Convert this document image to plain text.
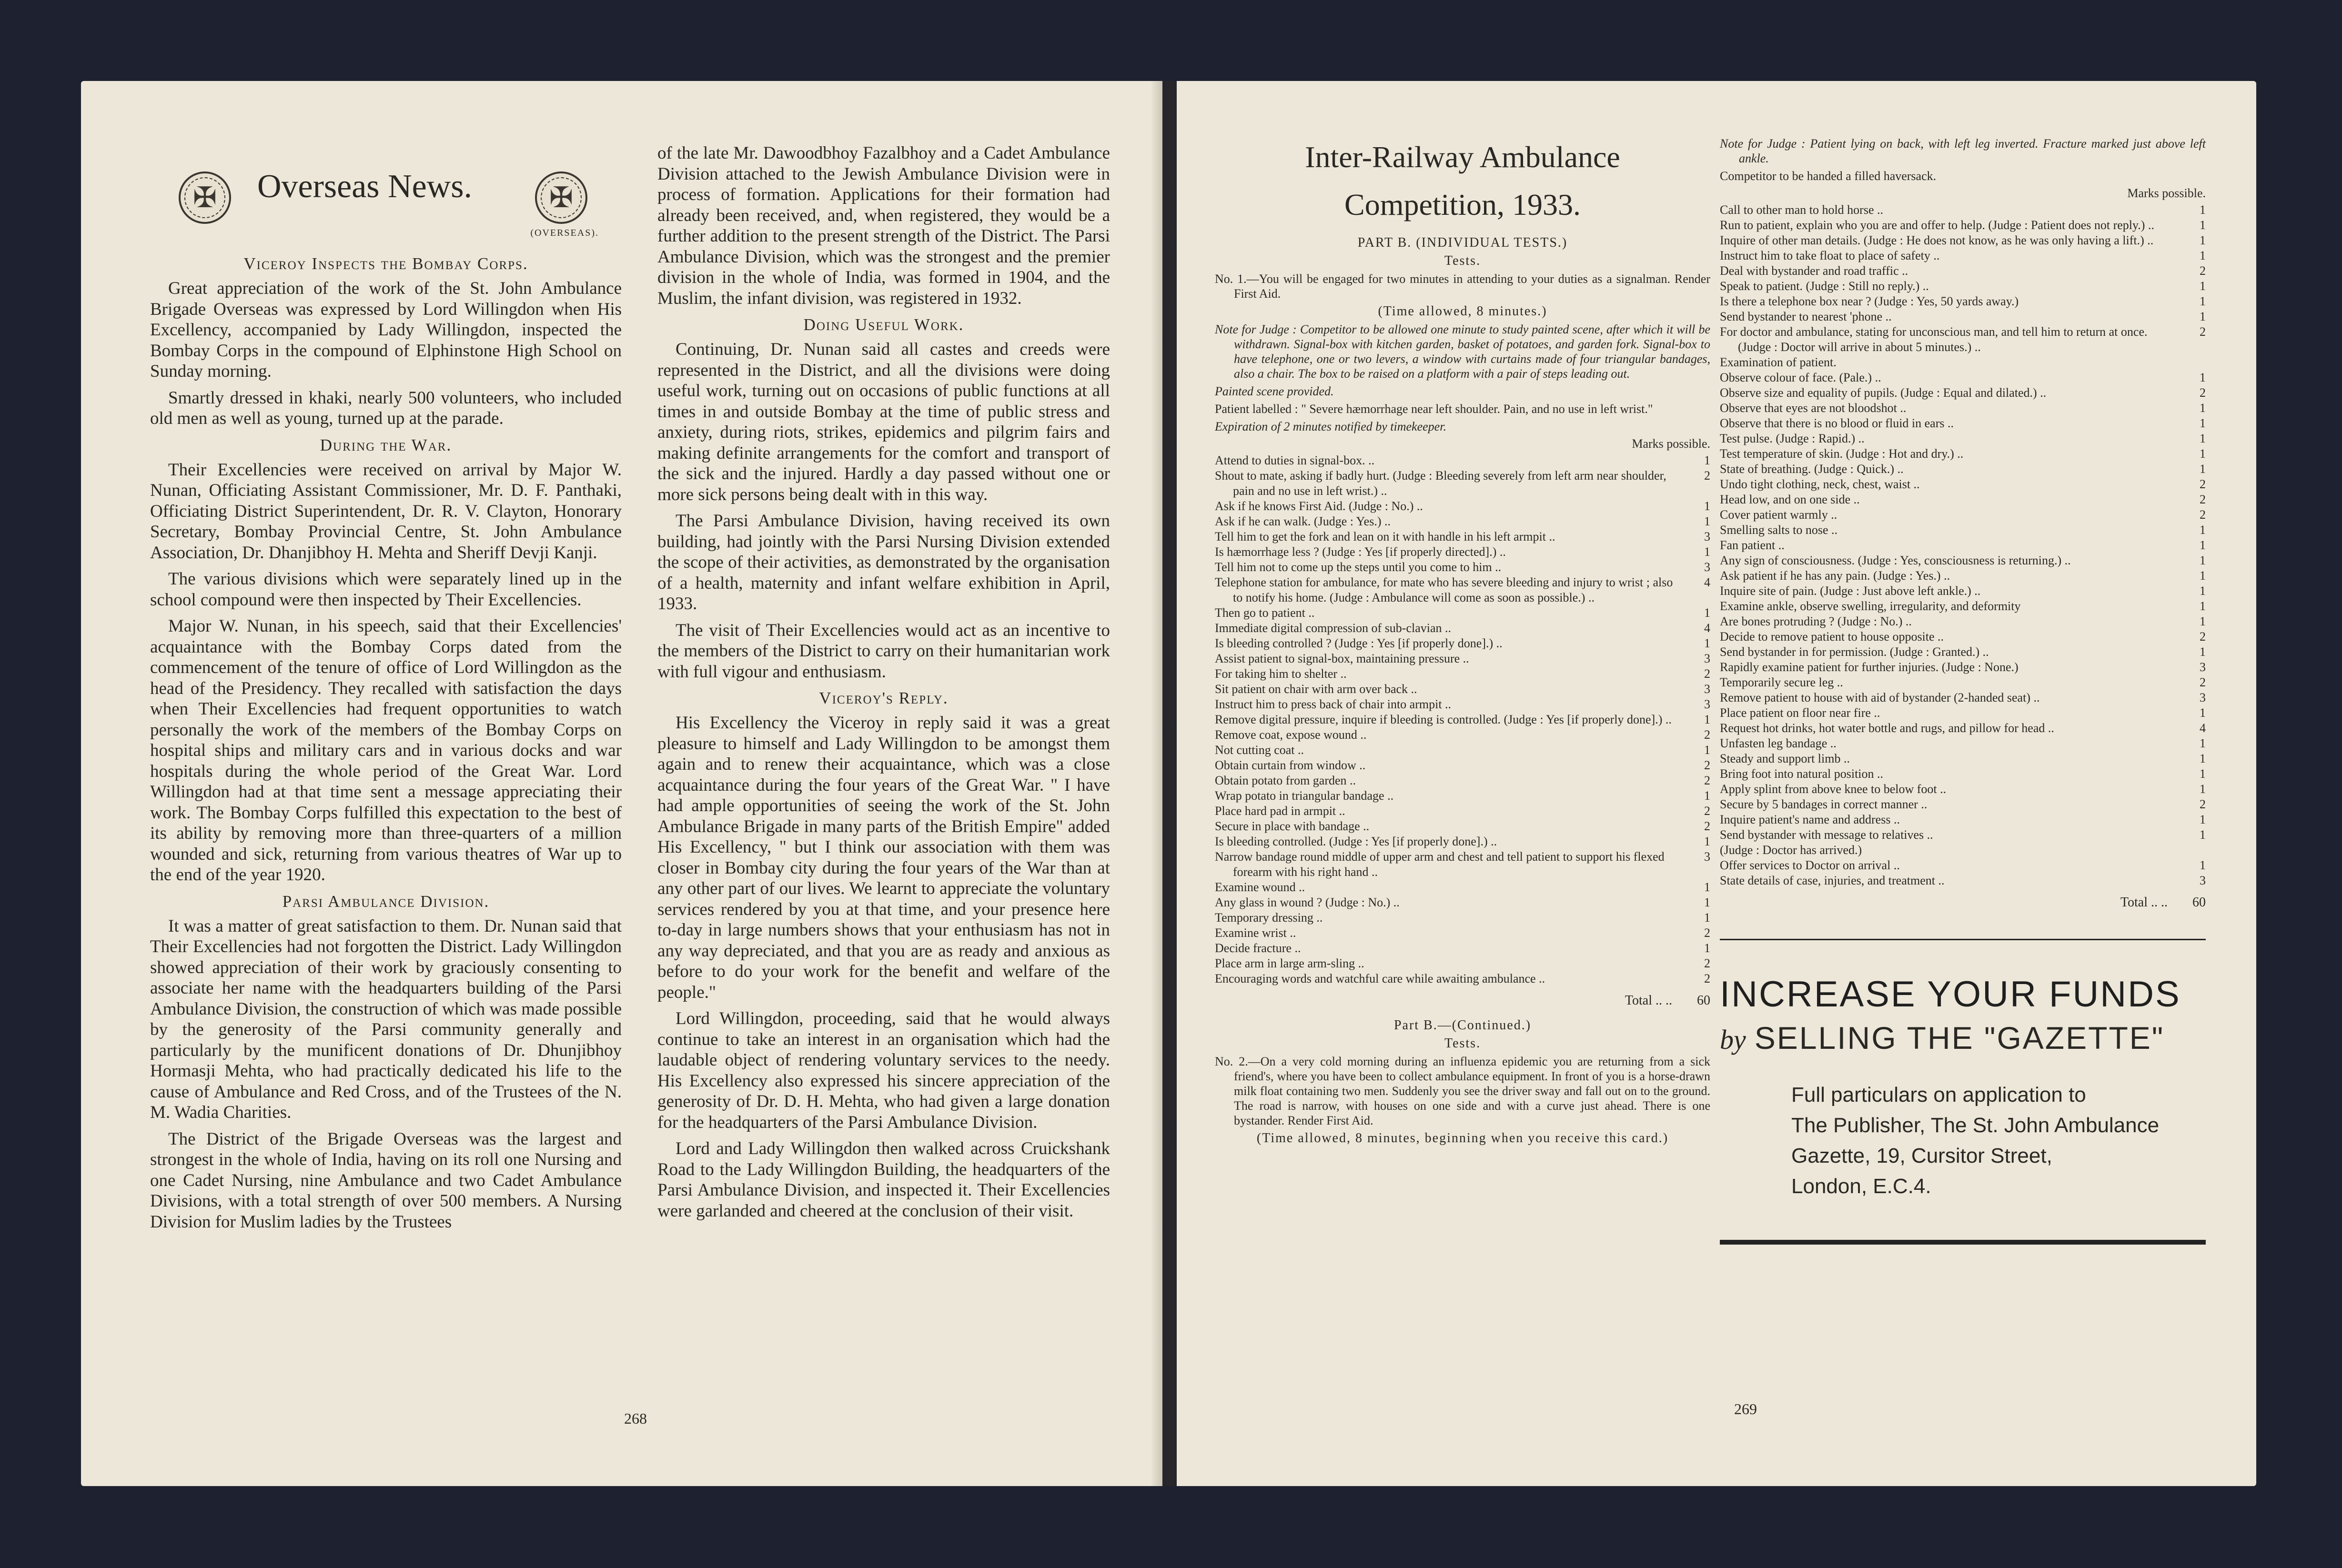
✠	Overseas News.	✠
(OVERSEAS).
Viceroy Inspects the Bombay Corps.

Great appreciation of the work of the St. John Ambulance Brigade Overseas was expressed by Lord Willingdon when His Excellency, accompanied by Lady Willingdon, inspected the Bombay Corps in the compound of Elphinstone High School on Sunday morning.

Smartly dressed in khaki, nearly 500 volunteers, who included old men as well as young, turned up at the parade.

During the War.

Their Excellencies were received on arrival by Major W. Nunan, Officiating Assistant Commissioner, Mr. D. F. Panthaki, Officiating District Superintendent, Dr. R. V. Clayton, Honorary Secretary, Bombay Provincial Centre, St. John Ambulance Association, Dr. Dhanjibhoy H. Mehta and Sheriff Devji Kanji.

The various divisions which were separately lined up in the school compound were then inspected by Their Excellencies.

Major W. Nunan, in his speech, said that their Excellencies' acquaintance with the Bombay Corps dated from the commencement of the tenure of office of Lord Willingdon as the head of the Presidency. They recalled with satisfaction the days when Their Excellencies had frequent opportunities to watch personally the work of the members of the Bombay Corps on hospital ships and military cars and in various docks and war hospitals during the whole period of the Great War. Lord Willingdon had at that time sent a message appreciating their work. The Bombay Corps fulfilled this expectation to the best of its ability by removing more than three-quarters of a million wounded and sick, returning from various theatres of War up to the end of the year 1920.

Parsi Ambulance Division.

It was a matter of great satisfaction to them. Dr. Nunan said that Their Excellencies had not forgotten the District. Lady Willingdon showed appreciation of their work by graciously consenting to associate her name with the headquarters building of the Parsi Ambulance Division, the construction of which was made possible by the generosity of the Parsi community generally and particularly by the munificent donations of Dr. Dhunjibhoy Hormasji Mehta, who had practically dedicated his life to the cause of Ambulance and Red Cross, and of the Trustees of the N. M. Wadia Charities.

The District of the Brigade Overseas was the largest and strongest in the whole of India, having on its roll one Nursing and one Cadet Nursing, nine Ambulance and two Cadet Ambulance Divisions, with a total strength of over 500 members. A Nursing Division for Muslim ladies by the Trustees

of the late Mr. Dawoodbhoy Fazalbhoy and a Cadet Ambulance Division attached to the Jewish Ambulance Division were in process of formation. Applications for their formation had already been received, and, when registered, they would be a further addition to the present strength of the District. The Parsi Ambulance Division, which was the strongest and the premier division in the whole of India, was formed in 1904, and the Muslim, the infant division, was registered in 1932.

Doing Useful Work.

Continuing, Dr. Nunan said all castes and creeds were represented in the District, and all the divisions were doing useful work, turning out on occasions of public functions at all times in and outside Bombay at the time of public stress and anxiety, during riots, strikes, epidemics and pilgrim fairs and making definite arrangements for the comfort and transport of the sick and the injured. Hardly a day passed without one or more sick persons being dealt with in this way.

The Parsi Ambulance Division, having received its own building, had jointly with the Parsi Nursing Division extended the scope of their activities, as demonstrated by the organisation of a health, maternity and infant welfare exhibition in April, 1933.

The visit of Their Excellencies would act as an incentive to the members of the District to carry on their humanitarian work with full vigour and enthusiasm.

Viceroy's Reply.

His Excellency the Viceroy in reply said it was a great pleasure to himself and Lady Willingdon to be amongst them again and to renew their acquaintance, which was a close acquaintance during the four years of the Great War. " I have had ample opportunities of seeing the work of the St. John Ambulance Brigade in many parts of the British Empire" added His Excellency, " but I think our association with them was closer in Bombay city during the four years of the War than at any other part of our lives. We learnt to appreciate the voluntary services rendered by you at that time, and your presence here to-day in large numbers shows that your enthusiasm has not in any way depreciated, and that you are as ready and anxious as before to do your work for the benefit and welfare of the people."

Lord Willingdon, proceeding, said that he would always continue to take an interest in an organisation which had the laudable object of rendering voluntary services to the needy. His Excellency also expressed his sincere appreciation of the generosity of Dr. D. H. Mehta, who had given a large donation for the headquarters of the Parsi Ambulance Division.

Lord and Lady Willingdon then walked across Cruickshank Road to the Lady Willingdon Building, the headquarters of the Parsi Ambulance Division, and inspected it. Their Excellencies were garlanded and cheered at the conclusion of their visit.

268
Inter-Railway Ambulance
Competition, 1933.
PART B. (INDIVIDUAL TESTS.)
Tests.

No. 1.—You will be engaged for two minutes in attending to your duties as a signalman. Render First Aid.

(Time allowed, 8 minutes.)

Note for Judge : Competitor to be allowed one minute to study painted scene, after which it will be withdrawn. Signal-box with kitchen garden, basket of potatoes, and garden fork. Signal-box to have telephone, one or two levers, a window with curtains made of four triangular bandages, also a chair. The box to be raised on a platform with a pair of steps leading out.

Painted scene provided.

Patient labelled : " Severe hæmorrhage near left shoulder. Pain, and no use in left wrist."

Expiration of 2 minutes notified by timekeeper.

Marks possible.
Attend to duties in signal-box. ..	1
Shout to mate, asking if badly hurt. (Judge : Bleeding severely from left arm near shoulder, pain and no use in left wrist.) ..
2
Ask if he knows First Aid. (Judge : No.) ..	1
Ask if he can walk. (Judge : Yes.) ..	1
Tell him to get the fork and lean on it with handle in his left armpit ..	3
Is hæmorrhage less ? (Judge : Yes [if properly directed].) ..	1
Tell him not to come up the steps until you come to him ..	3
Telephone station for ambulance, for mate who has severe bleeding and injury to wrist ; also to notify his home. (Judge : Ambulance will come as soon as possible.) ..
4
Then go to patient ..	1
Immediate digital compression of sub-clavian ..	4
Is bleeding controlled ? (Judge : Yes [if properly done].) ..	1
Assist patient to signal-box, maintaining pressure ..	3
For taking him to shelter ..	2
Sit patient on chair with arm over back ..	3
Instruct him to press back of chair into armpit ..	3
Remove digital pressure, inquire if bleeding is controlled. (Judge : Yes [if properly done].) ..	1
Remove coat, expose wound ..	2
Not cutting coat ..	1
Obtain curtain from window ..	2
Obtain potato from garden ..	2
Wrap potato in triangular bandage ..	1
Place hard pad in armpit ..	2
Secure in place with bandage ..	2
Is bleeding controlled. (Judge : Yes [if properly done].) ..	1
Narrow bandage round middle of upper arm and chest and tell patient to support his flexed forearm with his right hand ..
3
Examine wound ..	1
Any glass in wound ? (Judge : No.) ..	1
Temporary dressing ..	1
Examine wrist ..	2
Decide fracture ..	1
Place arm in large arm-sling ..	2
Encouraging words and watchful care while awaiting ambulance ..	2
Total .. ..	60
Part B.—(Continued.)
Tests.

No. 2.—On a very cold morning during an influenza epidemic you are returning from a sick friend's, where you have been to collect ambulance equipment. In front of you is a horse-drawn milk float containing two men. Suddenly you see the driver sway and fall out on to the ground. The road is narrow, with houses on one side and with a curve just ahead. There is one bystander. Render First Aid.

(Time allowed, 8 minutes, beginning when you receive this card.)

Note for Judge : Patient lying on back, with left leg inverted. Fracture marked just above left ankle.

Competitor to be handed a filled haversack.

Marks possible.
Call to other man to hold horse ..	1
Run to patient, explain who you are and offer to help. (Judge : Patient does not reply.) ..	1
Inquire of other man details. (Judge : He does not know, as he was only having a lift.) ..	1
Instruct him to take float to place of safety ..	1
Deal with bystander and road traffic ..	2
Speak to patient. (Judge : Still no reply.) ..	1
Is there a telephone box near ? (Judge : Yes, 50 yards away.)	1
Send bystander to nearest 'phone ..	1
For doctor and ambulance, stating for unconscious man, and tell him to return at once. (Judge : Doctor will arrive in about 5 minutes.) ..
2
Examination of patient.
Observe colour of face. (Pale.) ..	1
Observe size and equality of pupils. (Judge : Equal and dilated.) ..	2
Observe that eyes are not bloodshot ..	1
Observe that there is no blood or fluid in ears ..	1
Test pulse. (Judge : Rapid.) ..	1
Test temperature of skin. (Judge : Hot and dry.) ..	1
State of breathing. (Judge : Quick.) ..	1
Undo tight clothing, neck, chest, waist ..	2
Head low, and on one side ..	2
Cover patient warmly ..	2
Smelling salts to nose ..	1
Fan patient ..	1
Any sign of consciousness. (Judge : Yes, consciousness is returning.) ..	1
Ask patient if he has any pain. (Judge : Yes.) ..	1
Inquire site of pain. (Judge : Just above left ankle.) ..	1
Examine ankle, observe swelling, irregularity, and deformity	1
Are bones protruding ? (Judge : No.) ..	1
Decide to remove patient to house opposite ..	2
Send bystander in for permission. (Judge : Granted.) ..	1
Rapidly examine patient for further injuries. (Judge : None.)	3
Temporarily secure leg ..	2
Remove patient to house with aid of bystander (2-handed seat) ..	3
Place patient on floor near fire ..	1
Request hot drinks, hot water bottle and rugs, and pillow for head ..	4
Unfasten leg bandage ..	1
Steady and support limb ..	1
Bring foot into natural position ..	1
Apply splint from above knee to below foot ..	1
Secure by 5 bandages in correct manner ..	2
Inquire patient's name and address ..	1
Send bystander with message to relatives ..	1
(Judge : Doctor has arrived.)
Offer services to Doctor on arrival ..	1
State details of case, injuries, and treatment ..	3
Total .. ..	60
INCREASE YOUR FUNDS
by SELLING THE "GAZETTE"
Full particulars on application to
The Publisher, The St. John Ambulance
Gazette, 19, Cursitor Street,
London, E.C.4.
269
